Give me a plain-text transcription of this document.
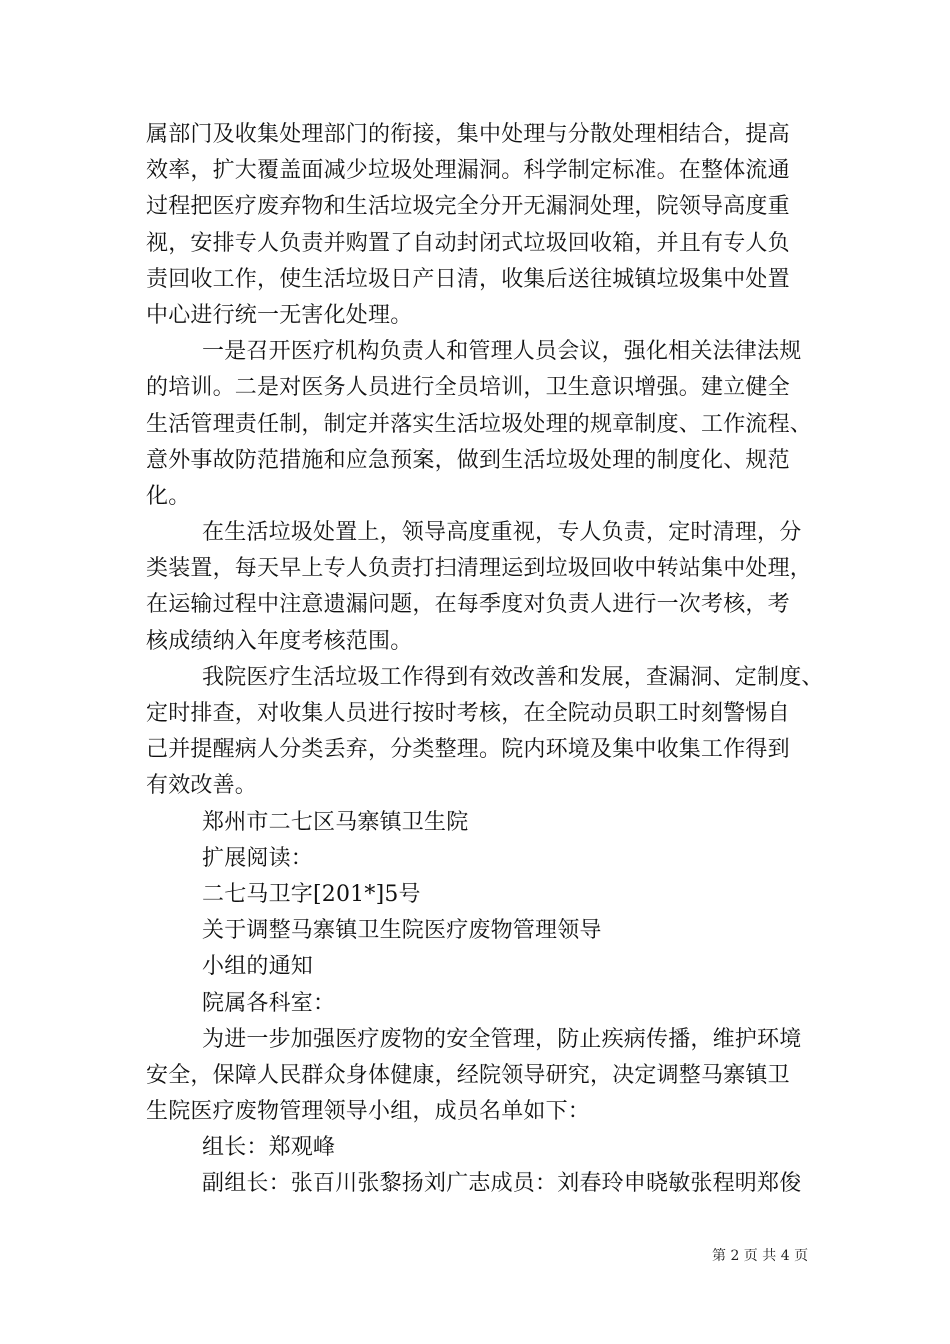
属部门及收集处理部门的衔接，集中处理与分散处理相结合，提高
效率，扩大覆盖面减少垃圾处理漏洞。科学制定标准。在整体流通
过程把医疗废弃物和生活垃圾完全分开无漏洞处理，院领导高度重
视，安排专人负责并购置了自动封闭式垃圾回收箱，并且有专人负
责回收工作，使生活垃圾日产日清，收集后送往城镇垃圾集中处置
中心进行统一无害化处理。
一是召开医疗机构负责人和管理人员会议，强化相关法律法规
的培训。二是对医务人员进行全员培训，卫生意识增强。建立健全
生活管理责任制，制定并落实生活垃圾处理的规章制度、工作流程、
意外事故防范措施和应急预案，做到生活垃圾处理的制度化、规范
化。
在生活垃圾处置上，领导高度重视，专人负责，定时清理，分
类装置，每天早上专人负责打扫清理运到垃圾回收中转站集中处理，
在运输过程中注意遗漏问题，在每季度对负责人进行一次考核，考
核成绩纳入年度考核范围。
我院医疗生活垃圾工作得到有效改善和发展，查漏洞、定制度、
定时排查，对收集人员进行按时考核，在全院动员职工时刻警惕自
己并提醒病人分类丢弃，分类整理。院内环境及集中收集工作得到
有效改善。
郑州市二七区马寨镇卫生院
扩展阅读：
二七马卫字[201*]5号
关于调整马寨镇卫生院医疗废物管理领导
小组的通知
院属各科室：
为进一步加强医疗废物的安全管理，防止疾病传播，维护环境
安全，保障人民群众身体健康，经院领导研究，决定调整马寨镇卫
生院医疗废物管理领导小组，成员名单如下：
组长：郑观峰
副组长：张百川张黎扬刘广志成员：刘春玲申晓敏张程明郑俊
第 2 页 共 4 页
